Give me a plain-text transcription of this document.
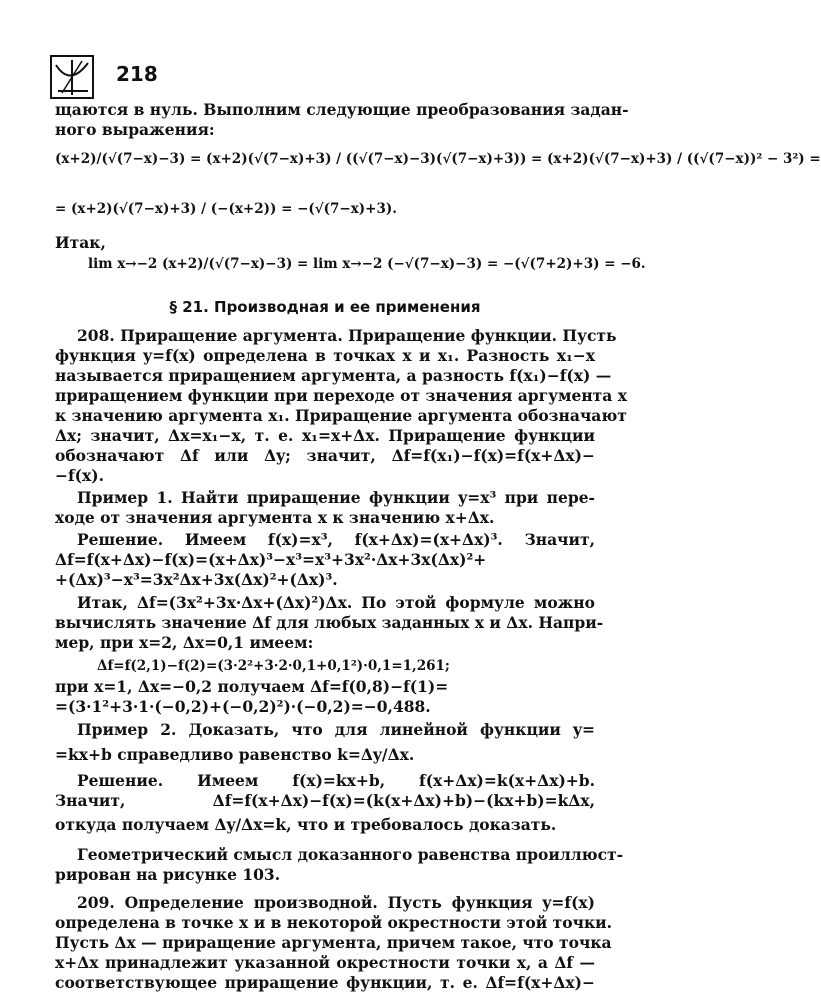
218
щаются в нуль. Выполним следующие преобразования задан-
ного выражения:
(x+2)/(√(7−x)−3) = (x+2)(√(7−x)+3) / ((√(7−x)−3)(√(7−x)+3)) = (x+2)(√(7−x)+3) / ((√(7−x))² − 3²) =
= (x+2)(√(7−x)+3) / (−(x+2)) = −(√(7−x)+3).
Итак,
lim x→−2 (x+2)/(√(7−x)−3) = lim x→−2 (−√(7−x)−3) = −(√(7+2)+3) = −6.
§ 21. Производная и ее применения
208. Приращение аргумента. Приращение функции. Пусть
функция y=f(x) определена в точках x и x₁. Разность x₁−x
называется приращением аргумента, а разность f(x₁)−f(x) —
приращением функции при переходе от значения аргумента x
к значению аргумента x₁. Приращение аргумента обозначают
Δx; значит, Δx=x₁−x, т. е. x₁=x+Δx. Приращение функции
обозначают Δf или Δy; значит, Δf=f(x₁)−f(x)=f(x+Δx)−
−f(x).
Пример 1. Найти приращение функции y=x³ при пере-
ходе от значения аргумента x к значению x+Δx.
Решение. Имеем f(x)=x³, f(x+Δx)=(x+Δx)³. Значит,
Δf=f(x+Δx)−f(x)=(x+Δx)³−x³=x³+3x²·Δx+3x(Δx)²+
+(Δx)³−x³=3x²Δx+3x(Δx)²+(Δx)³.
Итак, Δf=(3x²+3x·Δx+(Δx)²)Δx. По этой формуле можно
вычислять значение Δf для любых заданных x и Δx. Напри-
мер, при x=2, Δx=0,1 имеем:
Δf=f(2,1)−f(2)=(3·2²+3·2·0,1+0,1²)·0,1=1,261;
при x=1, Δx=−0,2 получаем Δf=f(0,8)−f(1)=
=(3·1²+3·1·(−0,2)+(−0,2)²)·(−0,2)=−0,488.
Пример 2. Доказать, что для линейной функции y=
=kx+b справедливо равенство k=Δy/Δx.
Решение. Имеем f(x)=kx+b, f(x+Δx)=k(x+Δx)+b.
Значит, Δf=f(x+Δx)−f(x)=(k(x+Δx)+b)−(kx+b)=kΔx,
откуда получаем Δy/Δx=k, что и требовалось доказать.
Геометрический смысл доказанного равенства проиллюст-
рирован на рисунке 103.
209. Определение производной. Пусть функция y=f(x)
определена в точке x и в некоторой окрестности этой точки.
Пусть Δx — приращение аргумента, причем такое, что точка
x+Δx принадлежит указанной окрестности точки x, а Δf —
соответствующее приращение функции, т. е. Δf=f(x+Δx)−
